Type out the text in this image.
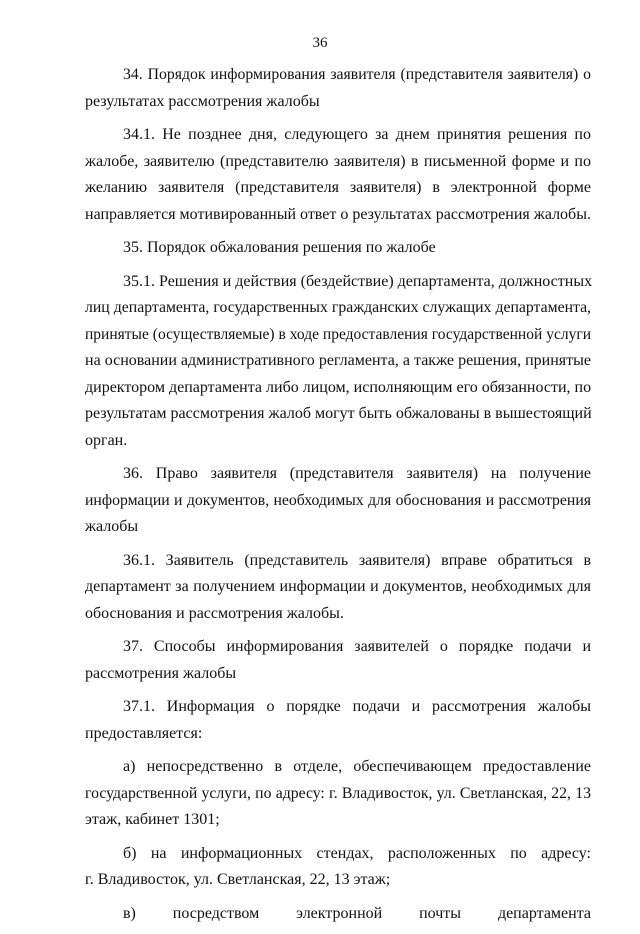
36
34. Порядок информирования заявителя (представителя заявителя) о
результатах рассмотрения жалобы
34.1. Не позднее дня, следующего за днем принятия решения по
жалобе, заявителю (представителю заявителя) в письменной форме и по
желанию заявителя (представителя заявителя) в электронной форме
направляется мотивированный ответ о результатах рассмотрения жалобы.
35. Порядок обжалования решения по жалобе
35.1. Решения и действия (бездействие) департамента, должностных
лиц департамента, государственных гражданских служащих департамента,
принятые (осуществляемые) в ходе предоставления государственной услуги
на основании административного регламента, а также решения, принятые
директором департамента либо лицом, исполняющим его обязанности, по
результатам рассмотрения жалоб могут быть обжалованы в вышестоящий
орган.
36. Право заявителя (представителя заявителя) на получение
информации и документов, необходимых для обоснования и рассмотрения
жалобы
36.1. Заявитель (представитель заявителя) вправе обратиться в
департамент за получением информации и документов, необходимых для
обоснования и рассмотрения жалобы.
37. Способы информирования заявителей о порядке подачи и
рассмотрения жалобы
37.1. Информация о порядке подачи и рассмотрения жалобы
предоставляется:
а) непосредственно в отделе, обеспечивающем предоставление
государственной услуги, по адресу: г. Владивосток, ул. Светланская, 22, 13
этаж, кабинет 1301;
б) на информационных стендах, расположенных по адресу:
г. Владивосток, ул. Светланская, 22, 13 этаж;
в) посредством электронной почты департамента
